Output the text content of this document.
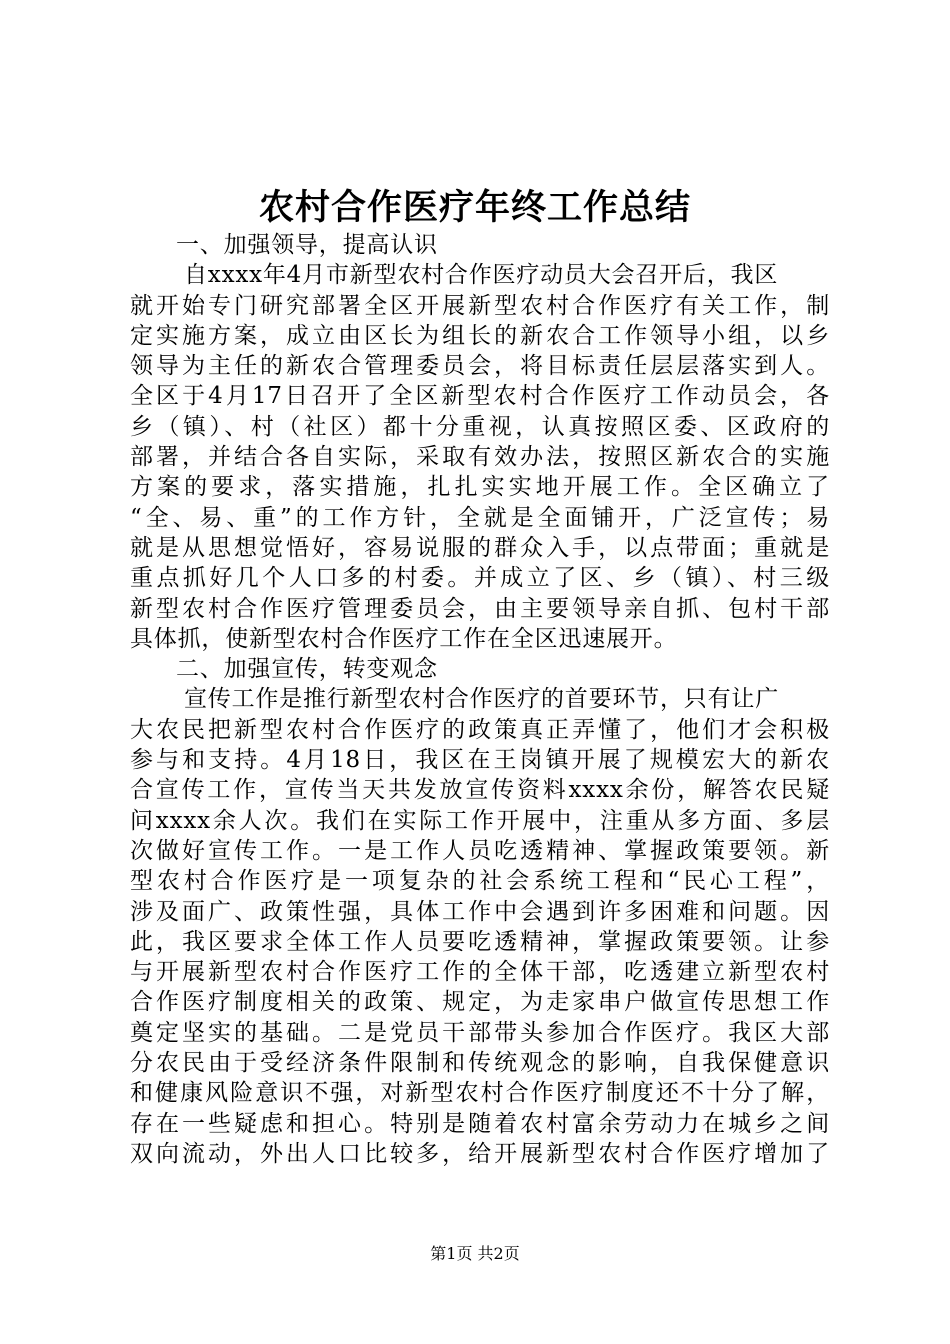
农村合作医疗年终工作总结
一、加强领导，提高认识
自xxxx年4月市新型农村合作医疗动员大会召开后，我区
就开始专门研究部署全区开展新型农村合作医疗有关工作，制
定实施方案，成立由区长为组长的新农合工作领导小组，以乡
领导为主任的新农合管理委员会，将目标责任层层落实到人。
全区于4月17日召开了全区新型农村合作医疗工作动员会，各
乡（镇）、村（社区）都十分重视，认真按照区委、区政府的
部署，并结合各自实际，采取有效办法，按照区新农合的实施
方案的要求，落实措施，扎扎实实地开展工作。全区确立了
“全、易、重”的工作方针，全就是全面铺开，广泛宣传；易
就是从思想觉悟好，容易说服的群众入手，以点带面；重就是
重点抓好几个人口多的村委。并成立了区、乡（镇）、村三级
新型农村合作医疗管理委员会，由主要领导亲自抓、包村干部
具体抓，使新型农村合作医疗工作在全区迅速展开。
二、加强宣传，转变观念
宣传工作是推行新型农村合作医疗的首要环节，只有让广
大农民把新型农村合作医疗的政策真正弄懂了，他们才会积极
参与和支持。4月18日，我区在王岗镇开展了规模宏大的新农
合宣传工作，宣传当天共发放宣传资料xxxx余份，解答农民疑
问xxxx余人次。我们在实际工作开展中，注重从多方面、多层
次做好宣传工作。一是工作人员吃透精神、掌握政策要领。新
型农村合作医疗是一项复杂的社会系统工程和“民心工程”，
涉及面广、政策性强，具体工作中会遇到许多困难和问题。因
此，我区要求全体工作人员要吃透精神，掌握政策要领。让参
与开展新型农村合作医疗工作的全体干部，吃透建立新型农村
合作医疗制度相关的政策、规定，为走家串户做宣传思想工作
奠定坚实的基础。二是党员干部带头参加合作医疗。我区大部
分农民由于受经济条件限制和传统观念的影响，自我保健意识
和健康风险意识不强，对新型农村合作医疗制度还不十分了解，
存在一些疑虑和担心。特别是随着农村富余劳动力在城乡之间
双向流动，外出人口比较多，给开展新型农村合作医疗增加了
第1页 共2页
